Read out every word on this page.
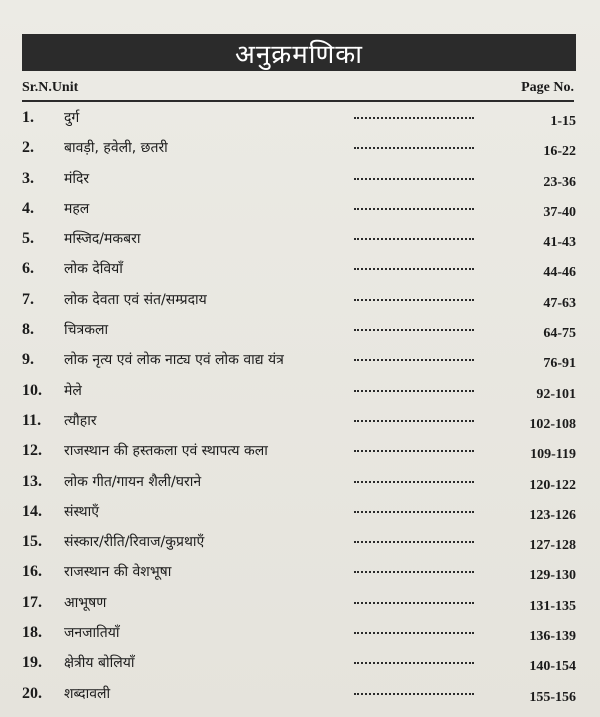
अनुक्रमणिका
Sr.N.Unit	Page No.
1.	दुर्ग	1-15
2.	बावड़ी, हवेली, छतरी	16-22
3.	मंदिर	23-36
4.	महल	37-40
5.	मस्जिद/मकबरा	41-43
6.	लोक देवियाँ	44-46
7.	लोक देवता एवं संत/सम्प्रदाय	47-63
8.	चित्रकला	64-75
9.	लोक नृत्य एवं लोक नाट्य एवं लोक वाद्य यंत्र	76-91
10.	मेले	92-101
11.	त्यौहार	102-108
12.	राजस्थान की हस्तकला एवं स्थापत्य कला	109-119
13.	लोक गीत/गायन शैली/घराने	120-122
14.	संस्थाएँ	123-126
15.	संस्कार/रीति/रिवाज/कुप्रथाएँ	127-128
16.	राजस्थान की वेशभूषा	129-130
17.	आभूषण	131-135
18.	जनजातियाँ	136-139
19.	क्षेत्रीय बोलियाँ	140-154
20.	शब्दावली	155-156
